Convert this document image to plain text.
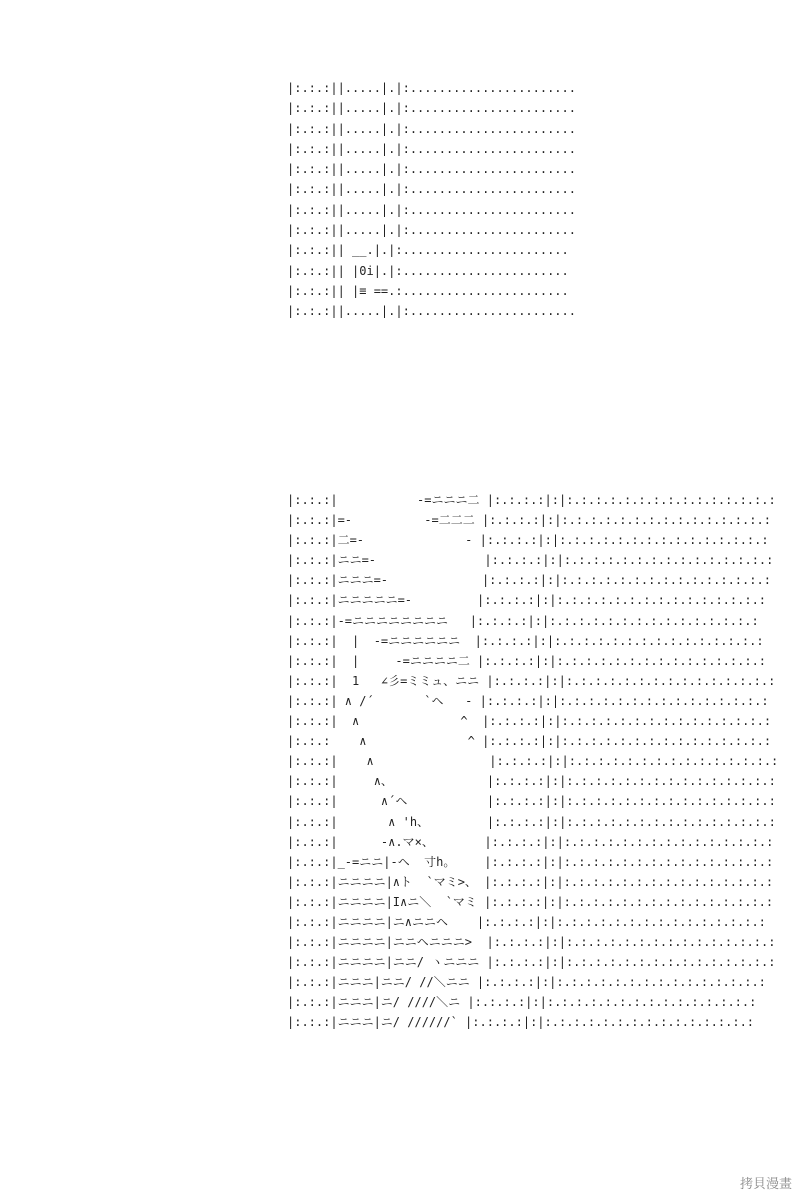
|:.:.:||.....|.|:.......................
|:.:.:||.....|.|:.......................
|:.:.:||.....|.|:.......................
|:.:.:||.....|.|:.......................
|:.:.:||.....|.|:.......................
|:.:.:||.....|.|:.......................
|:.:.:||.....|.|:.......................
|:.:.:||.....|.|:.......................
|:.:.:|| __.|.|:.......................
|:.:.:|| |0i|.|:.......................
|:.:.:|| |≡ ==.:.......................
|:.:.:||.....|.|:.......................
|:.:.:|           -=ニニニ二 |:.:.:.:|:|:.:.:.:.:.:.:.:.:.:.:.:.:.:.:
|:.:.:|=-          -=二二二 |:.:.:.:|:|:.:.:.:.:.:.:.:.:.:.:.:.:.:.:
|:.:.:|二=-              - |:.:.:.:|:|:.:.:.:.:.:.:.:.:.:.:.:.:.:.:
|:.:.:|ニニ=-               |:.:.:.:|:|:.:.:.:.:.:.:.:.:.:.:.:.:.:.:
|:.:.:|ニニニ=-             |:.:.:.:|:|:.:.:.:.:.:.:.:.:.:.:.:.:.:.:
|:.:.:|ニニニニニ=-         |:.:.:.:|:|:.:.:.:.:.:.:.:.:.:.:.:.:.:.:
|:.:.:|-=ニニニニニニニニ   |:.:.:.:|:|:.:.:.:.:.:.:.:.:.:.:.:.:.:.:
|:.:.:|  |  -=ニニニニニニ  |:.:.:.:|:|:.:.:.:.:.:.:.:.:.:.:.:.:.:.:
|:.:.:|  |     -=ニニニニ二 |:.:.:.:|:|:.:.:.:.:.:.:.:.:.:.:.:.:.:.:
|:.:.:|  1   ∠彡=ミミュ、ニニ |:.:.:.:|:|:.:.:.:.:.:.:.:.:.:.:.:.:.:.:
|:.:.:| ∧ /´       `ヘ   - |:.:.:.:|:|:.:.:.:.:.:.:.:.:.:.:.:.:.:.:
|:.:.:|  ∧              ^  |:.:.:.:|:|:.:.:.:.:.:.:.:.:.:.:.:.:.:.:
|:.:.:    ∧              ^ |:.:.:.:|:|:.:.:.:.:.:.:.:.:.:.:.:.:.:.:
|:.:.:|    ∧                |:.:.:.:|:|:.:.:.:.:.:.:.:.:.:.:.:.:.:.:
|:.:.:|     ∧、             |:.:.:.:|:|:.:.:.:.:.:.:.:.:.:.:.:.:.:.:
|:.:.:|      ∧´ヘ           |:.:.:.:|:|:.:.:.:.:.:.:.:.:.:.:.:.:.:.:
|:.:.:|       ∧ 'h、        |:.:.:.:|:|:.:.:.:.:.:.:.:.:.:.:.:.:.:.:
|:.:.:|      -∧.マ×、       |:.:.:.:|:|:.:.:.:.:.:.:.:.:.:.:.:.:.:.:
|:.:.:|_-=ニニ|-ヘ  寸h。    |:.:.:.:|:|:.:.:.:.:.:.:.:.:.:.:.:.:.:.:
|:.:.:|ニニニニ|∧ト  `マミ>、 |:.:.:.:|:|:.:.:.:.:.:.:.:.:.:.:.:.:.:.:
|:.:.:|ニニニニ|I∧ニ＼  `マミ |:.:.:.:|:|:.:.:.:.:.:.:.:.:.:.:.:.:.:.:
|:.:.:|ニニニニ|ニ∧ニニヘ    |:.:.:.:|:|:.:.:.:.:.:.:.:.:.:.:.:.:.:.:
|:.:.:|ニニニニ|ニニヘニニニ>  |:.:.:.:|:|:.:.:.:.:.:.:.:.:.:.:.:.:.:.:
|:.:.:|ニニニニ|ニニ/ ヽニニニ |:.:.:.:|:|:.:.:.:.:.:.:.:.:.:.:.:.:.:.:
|:.:.:|ニニニ|ニニ/ //＼ニニ |:.:.:.:|:|:.:.:.:.:.:.:.:.:.:.:.:.:.:.:
|:.:.:|ニニニ|ニ/ ////＼ニ |:.:.:.:|:|:.:.:.:.:.:.:.:.:.:.:.:.:.:.:
|:.:.:|ニニニ|ニ/ //////` |:.:.:.:|:|:.:.:.:.:.:.:.:.:.:.:.:.:.:.:
拷貝漫畫
